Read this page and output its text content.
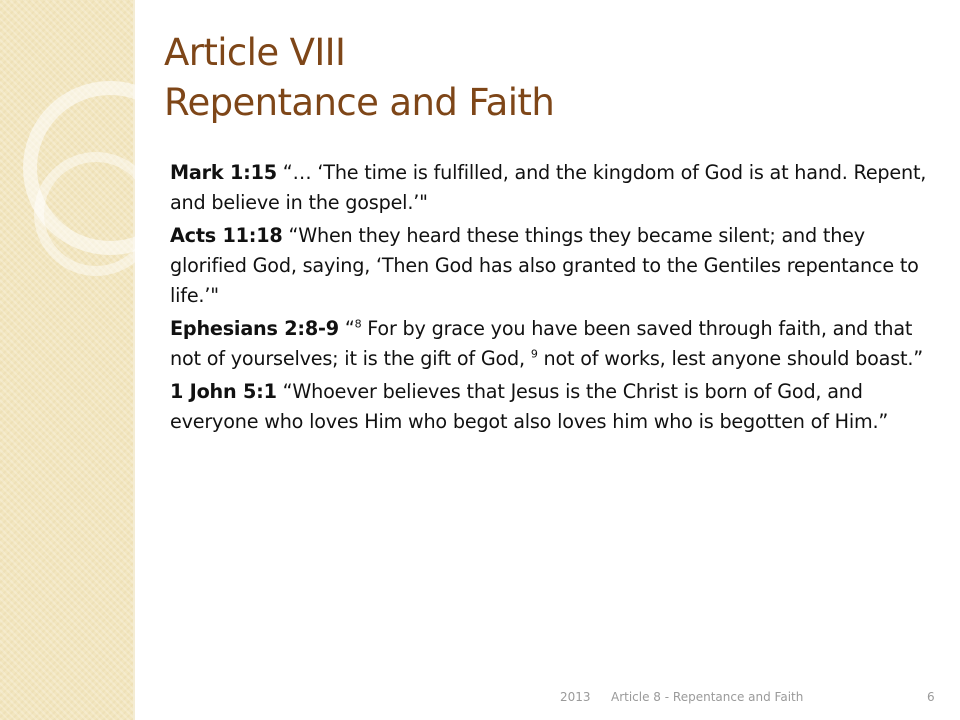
Article VIII
Repentance and Faith
Mark 1:15 “… ‘The time is fulfilled, and the kingdom of God is at hand. Repent, and believe in the gospel.’"
Acts 11:18 “When they heard these things they became silent; and they glorified God, saying, ‘Then God has also granted to the Gentiles repentance to life.’"
Ephesians 2:8-9 “$^8$ For by grace you have been saved through faith, and that not of yourselves; it is the gift of God, $^9$ not of works, lest anyone should boast.”
1 John 5:1 “Whoever believes that Jesus is the Christ is born of God, and everyone who loves Him who begot also loves him who is begotten of Him.”
2013 Article 8 - Repentance and Faith	6
